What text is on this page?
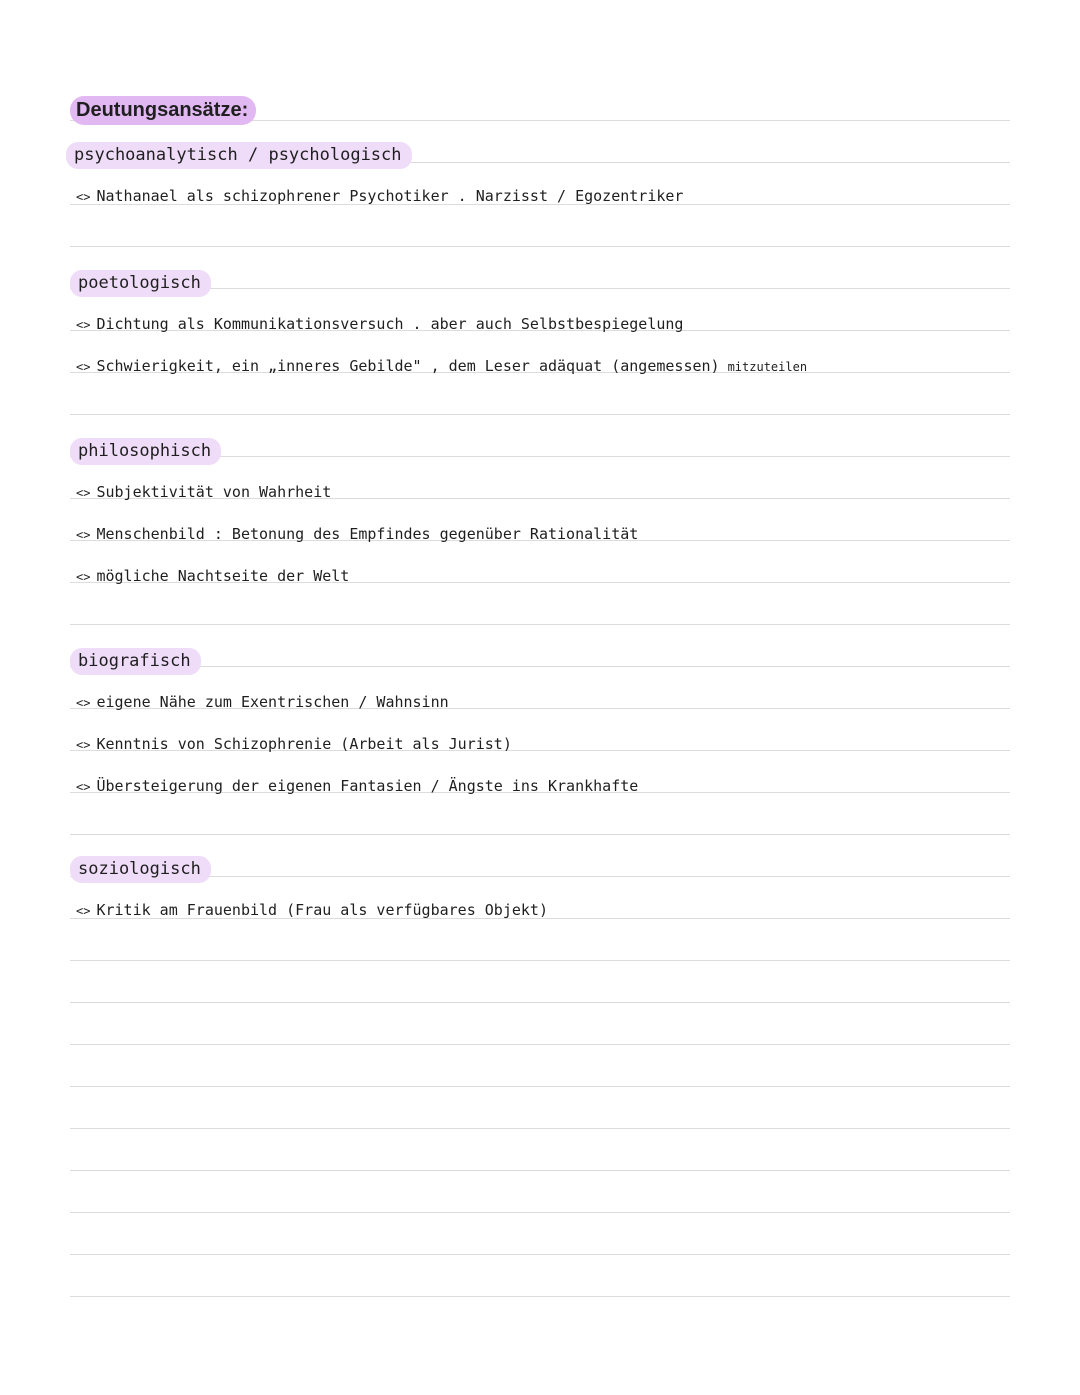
Deutungsansätze:
psychoanalytisch / psychologisch
<> Nathanael als schizophrener Psychotiker . Narzisst / Egozentriker
poetologisch
<> Dichtung als Kommunikationsversuch . aber auch Selbstbespiegelung
<> Schwierigkeit, ein „inneres Gebilde" , dem Leser adäquat (angemessen) mitzuteilen
philosophisch
<> Subjektivität von Wahrheit
<> Menschenbild : Betonung des Empfindes gegenüber Rationalität
<> mögliche Nachtseite der Welt
biografisch
<> eigene Nähe zum Exentrischen / Wahnsinn
<> Kenntnis von Schizophrenie (Arbeit als Jurist)
<> Übersteigerung der eigenen Fantasien / Ängste ins Krankhafte
soziologisch
<> Kritik am Frauenbild (Frau als verfügbares Objekt)
